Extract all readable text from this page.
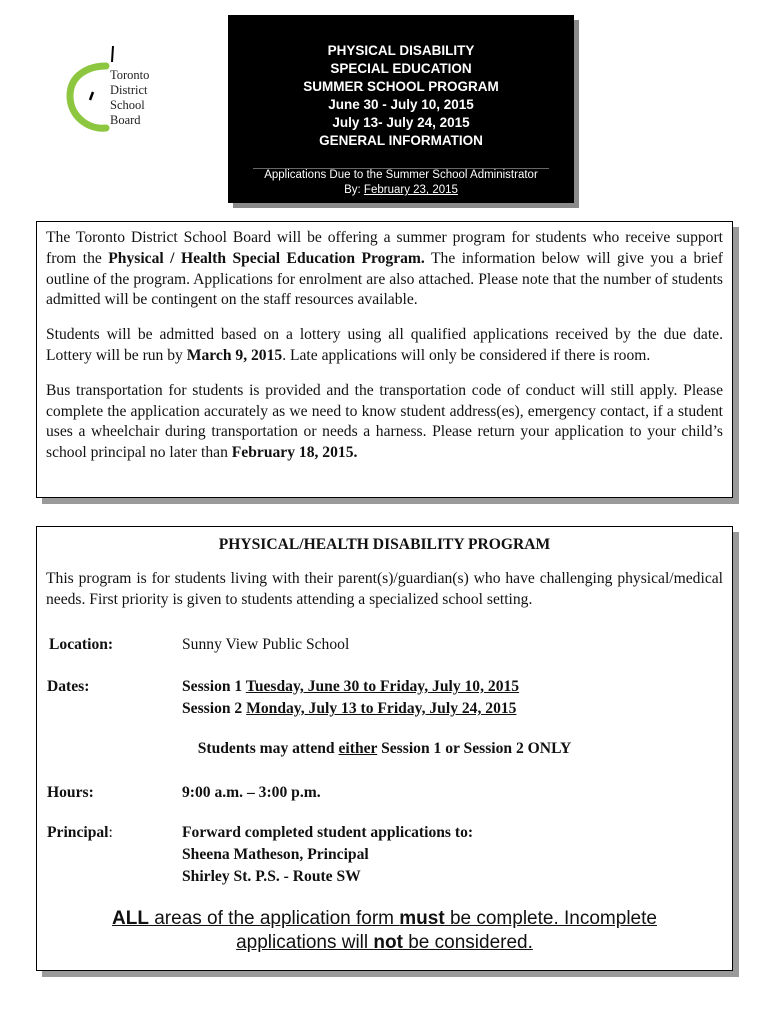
Toronto
District
School
Board
PHYSICAL DISABILITY
SPECIAL EDUCATION
SUMMER SCHOOL PROGRAM
June 30 - July 10, 2015
July 13- July 24, 2015
GENERAL INFORMATION
Applications Due to the Summer School Administrator
By: February 23, 2015

The Toronto District School Board will be offering a summer program for students who receive support from the Physical / Health Special Education Program. The information below will give you a brief outline of the program. Applications for enrolment are also attached. Please note that the number of students admitted will be contingent on the staff resources available.

Students will be admitted based on a lottery using all qualified applications received by the due date. Lottery will be run by March 9, 2015. Late applications will only be considered if there is room.

Bus transportation for students is provided and the transportation code of conduct will still apply. Please complete the application accurately as we need to know student address(es), emergency contact, if a student uses a wheelchair during transportation or needs a harness. Please return your application to your child’s school principal no later than February 18, 2015.

PHYSICAL/HEALTH DISABILITY PROGRAM
This program is for students living with their parent(s)/guardian(s) who have challenging physical/medical needs. First priority is given to students attending a specialized school setting.
Location:	Sunny View Public School
Dates:	Session 1 Tuesday, June 30 to Friday, July 10, 2015
Session 2 Monday, July 13 to Friday, July 24, 2015
Students may attend either Session 1 or Session 2 ONLY
Hours:	9:00 a.m. – 3:00 p.m.
Principal:	Forward completed student applications to:
Sheena Matheson, Principal
Shirley St. P.S. - Route SW
ALL areas of the application form must be complete. Incomplete
applications will not be considered.
